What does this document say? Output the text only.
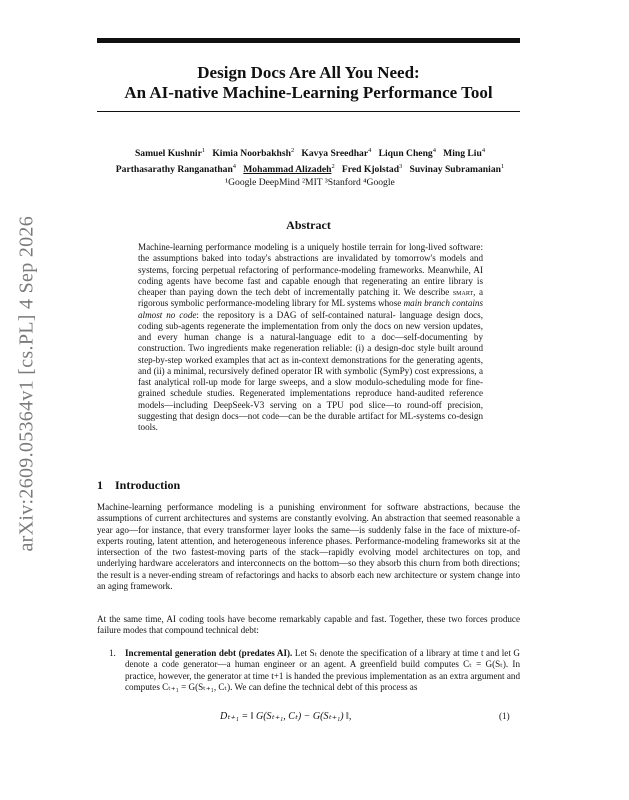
Design Docs Are All You Need:
An AI-native Machine-Learning Performance Tool
arXiv:2609.05364v1 [cs.PL] 4 Sep 2026
Samuel Kushnir$^1$ Kimia Noorbakhsh$^2$ Kavya Sreedhar$^4$ Liqun Cheng$^4$ Ming Liu$^4$
Parthasarathy Ranganathan$^4$ Mohammad Alizadeh$^2$ Fred Kjolstad$^3$ Suvinay Subramanian$^1$
¹Google DeepMind ²MIT ³Stanford ⁴Google
Abstract
Machine-learning performance modeling is a uniquely hostile terrain for long-lived software: the assumptions baked into today's abstractions are invalidated by tomorrow's models and systems, forcing perpetual refactoring of performance-modeling frameworks. Meanwhile, AI coding agents have become fast and capable enough that regenerating an entire library is cheaper than paying down the tech debt of incrementally patching it. We describe smart, a rigorous symbolic performance-modeling library for ML systems whose main branch contains almost no code: the repository is a DAG of self-contained natural- language design docs, coding sub-agents regenerate the implementation from only the docs on new version updates, and every human change is a natural-language edit to a doc—self-documenting by construction. Two ingredients make regeneration reliable: (i) a design-doc style built around step-by-step worked examples that act as in-context demonstrations for the generating agents, and (ii) a minimal, recursively defined operator IR with symbolic (SymPy) cost expressions, a fast analytical roll-up mode for large sweeps, and a slow modulo-scheduling mode for fine-grained schedule studies. Regenerated implementations reproduce hand-audited reference models—including DeepSeek-V3 serving on a TPU pod slice—to round-off precision, suggesting that design docs—not code—can be the durable artifact for ML-systems co-design tools.
1 Introduction
Machine-learning performance modeling is a punishing environment for software abstractions, because the assumptions of current architectures and systems are constantly evolving. An abstraction that seemed reasonable a year ago—for instance, that every transformer layer looks the same—is suddenly false in the face of mixture-of-experts routing, latent attention, and heterogeneous inference phases. Performance-modeling frameworks sit at the intersection of the two fastest-moving parts of the stack—rapidly evolving model architectures on top, and underlying hardware accelerators and interconnects on the bottom—so they absorb this churn from both directions; the result is a never-ending stream of refactorings and hacks to absorb each new architecture or system change into an aging framework.
At the same time, AI coding tools have become remarkably capable and fast. Together, these two forces produce failure modes that compound technical debt:
1. Incremental generation debt (predates AI). Let Sₜ denote the specification of a library at time t and let G denote a code generator—a human engineer or an agent. A greenfield build computes Cₜ = G(Sₜ). In practice, however, the generator at time t+1 is handed the previous implementation as an extra argument and computes Cₜ₊₁ = G(Sₜ₊₁, Cₜ). We can define the technical debt of this process as
Dₜ₊₁ = ‖ G(Sₜ₊₁, Cₜ) − G(Sₜ₊₁) ‖,	(1)
